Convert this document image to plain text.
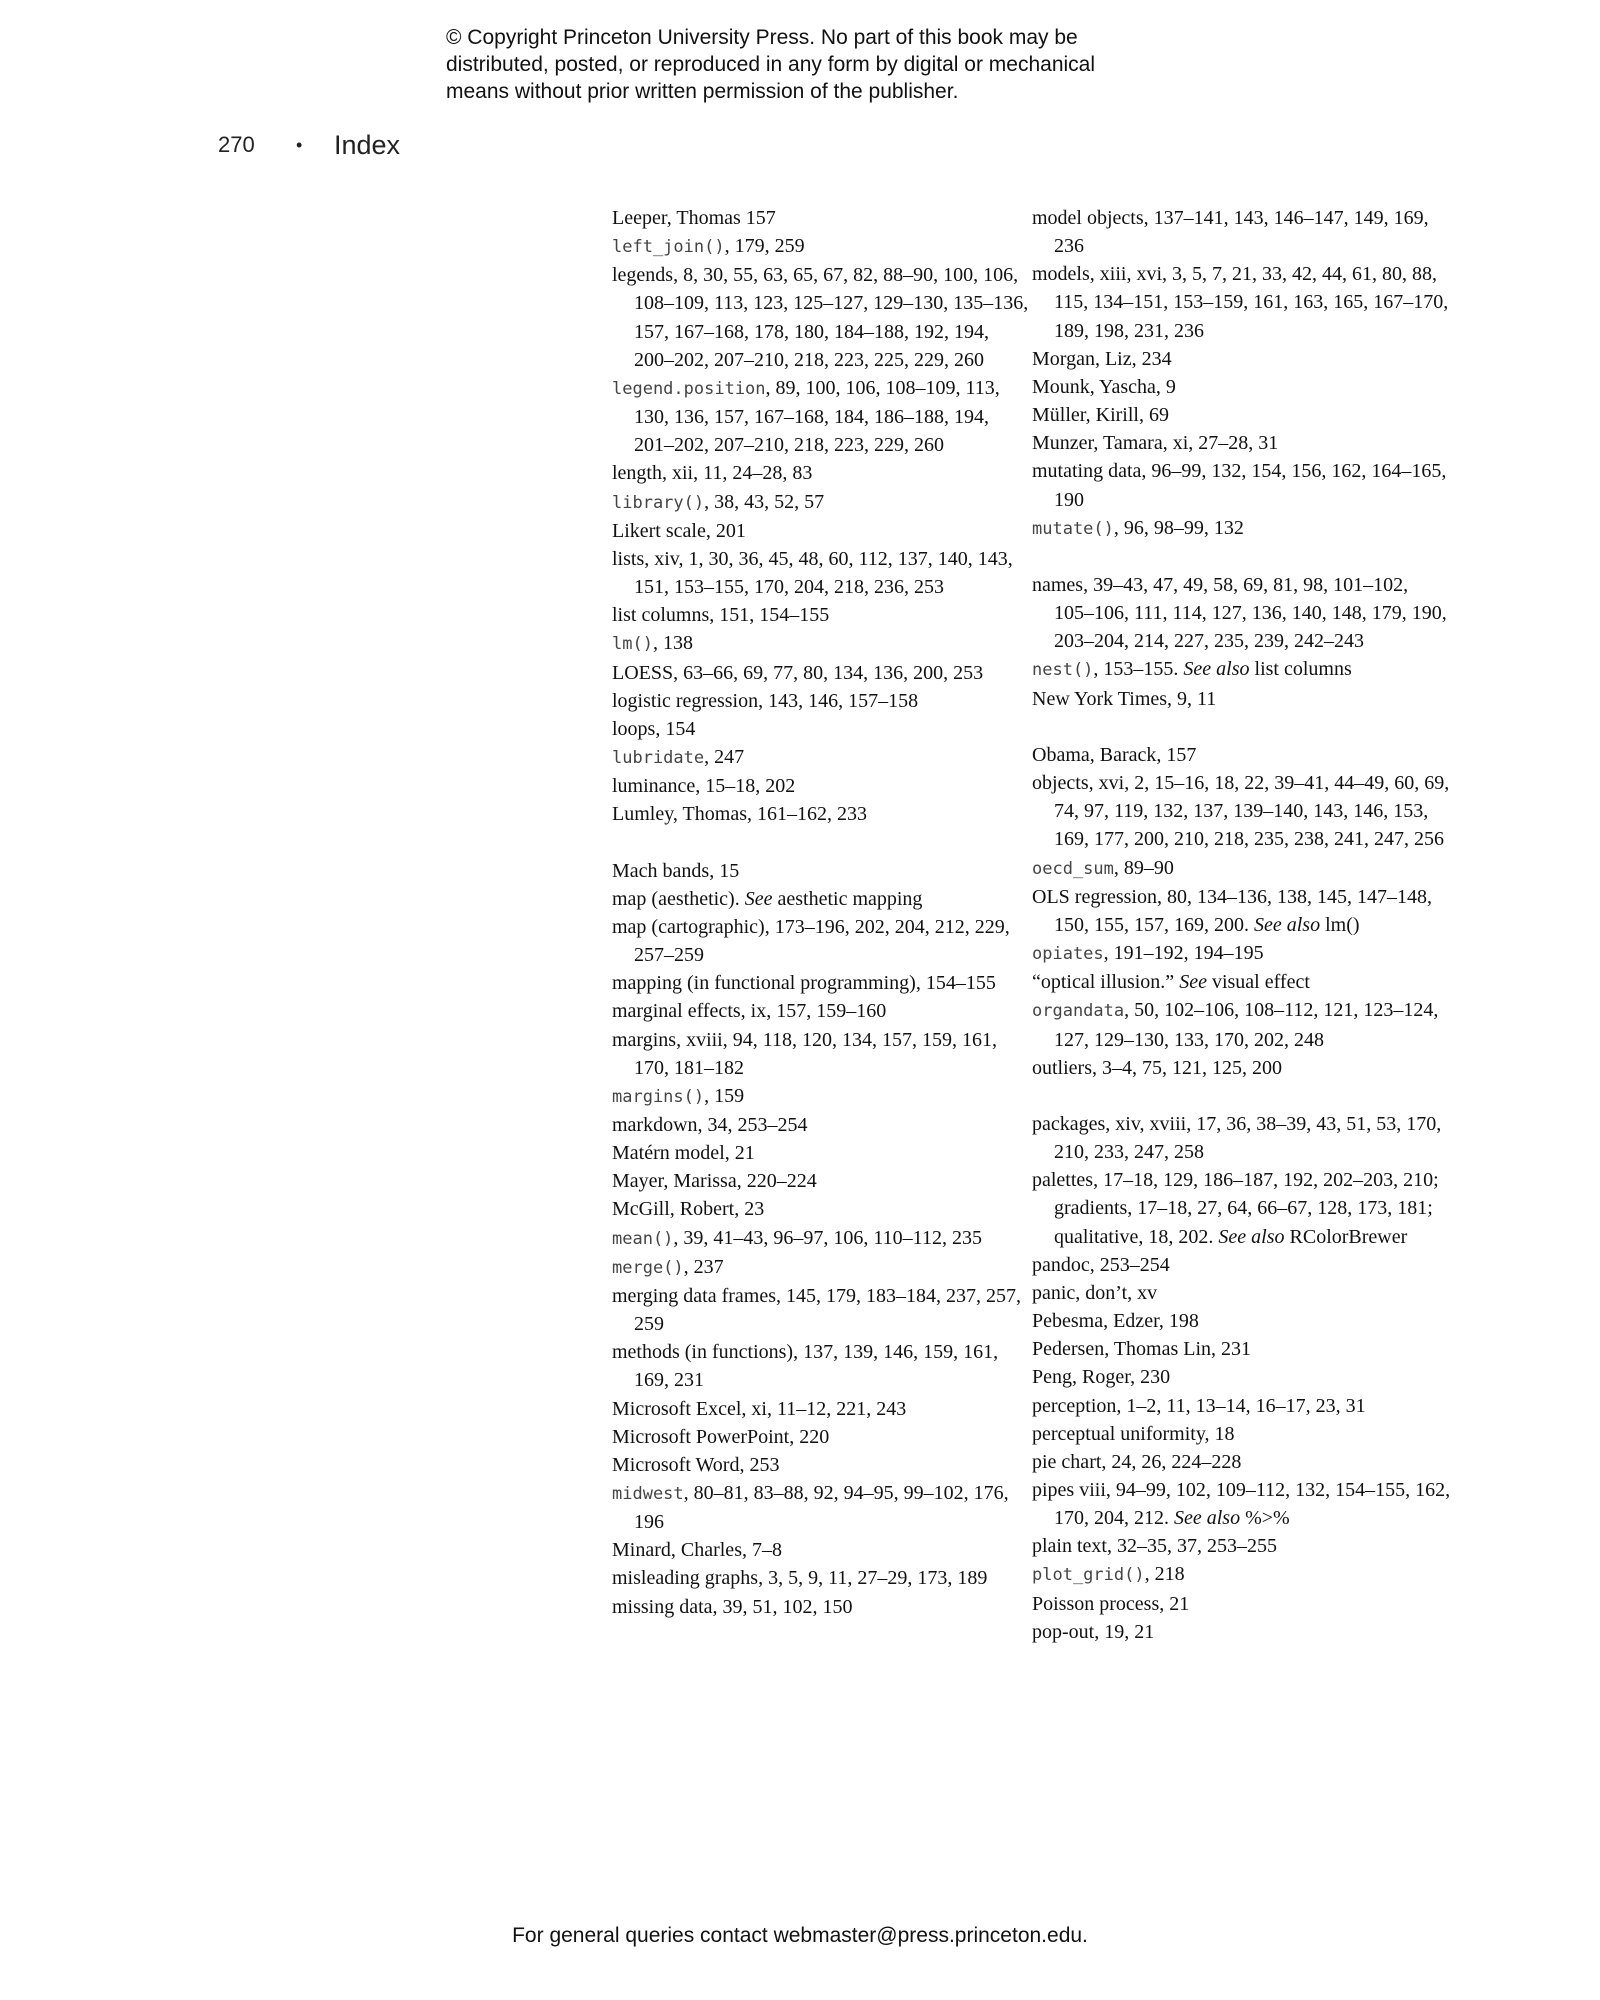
© Copyright Princeton University Press. No part of this book may be
distributed, posted, or reproduced in any form by digital or mechanical
means without prior written permission of the publisher.
270	•	Index
Leeper, Thomas 157
left_join(), 179, 259
legends, 8, 30, 55, 63, 65, 67, 82, 88–90, 100, 106, 108–109, 113, 123, 125–127, 129–130, 135–136, 157, 167–168, 178, 180, 184–188, 192, 194, 200–202, 207–210, 218, 223, 225, 229, 260
legend.position, 89, 100, 106, 108–109, 113, 130, 136, 157, 167–168, 184, 186–188, 194, 201–202, 207–210, 218, 223, 229, 260
length, xii, 11, 24–28, 83
library(), 38, 43, 52, 57
Likert scale, 201
lists, xiv, 1, 30, 36, 45, 48, 60, 112, 137, 140, 143, 151, 153–155, 170, 204, 218, 236, 253
list columns, 151, 154–155
lm(), 138
LOESS, 63–66, 69, 77, 80, 134, 136, 200, 253
logistic regression, 143, 146, 157–158
loops, 154
lubridate, 247
luminance, 15–18, 202
Lumley, Thomas, 161–162, 233
Mach bands, 15
map (aesthetic). See aesthetic mapping
map (cartographic), 173–196, 202, 204, 212, 229, 257–259
mapping (in functional programming), 154–155
marginal effects, ix, 157, 159–160
margins, xviii, 94, 118, 120, 134, 157, 159, 161, 170, 181–182
margins(), 159
markdown, 34, 253–254
Matérn model, 21
Mayer, Marissa, 220–224
McGill, Robert, 23
mean(), 39, 41–43, 96–97, 106, 110–112, 235
merge(), 237
merging data frames, 145, 179, 183–184, 237, 257, 259
methods (in functions), 137, 139, 146, 159, 161, 169, 231
Microsoft Excel, xi, 11–12, 221, 243
Microsoft PowerPoint, 220
Microsoft Word, 253
midwest, 80–81, 83–88, 92, 94–95, 99–102, 176, 196
Minard, Charles, 7–8
misleading graphs, 3, 5, 9, 11, 27–29, 173, 189
missing data, 39, 51, 102, 150
model objects, 137–141, 143, 146–147, 149, 169, 236
models, xiii, xvi, 3, 5, 7, 21, 33, 42, 44, 61, 80, 88, 115, 134–151, 153–159, 161, 163, 165, 167–170, 189, 198, 231, 236
Morgan, Liz, 234
Mounk, Yascha, 9
Müller, Kirill, 69
Munzer, Tamara, xi, 27–28, 31
mutating data, 96–99, 132, 154, 156, 162, 164–165, 190
mutate(), 96, 98–99, 132
names, 39–43, 47, 49, 58, 69, 81, 98, 101–102, 105–106, 111, 114, 127, 136, 140, 148, 179, 190, 203–204, 214, 227, 235, 239, 242–243
nest(), 153–155. See also list columns
New York Times, 9, 11
Obama, Barack, 157
objects, xvi, 2, 15–16, 18, 22, 39–41, 44–49, 60, 69, 74, 97, 119, 132, 137, 139–140, 143, 146, 153, 169, 177, 200, 210, 218, 235, 238, 241, 247, 256
oecd_sum, 89–90
OLS regression, 80, 134–136, 138, 145, 147–148, 150, 155, 157, 169, 200. See also lm()
opiates, 191–192, 194–195
“optical illusion.” See visual effect
organdata, 50, 102–106, 108–112, 121, 123–124, 127, 129–130, 133, 170, 202, 248
outliers, 3–4, 75, 121, 125, 200
packages, xiv, xviii, 17, 36, 38–39, 43, 51, 53, 170, 210, 233, 247, 258
palettes, 17–18, 129, 186–187, 192, 202–203, 210; gradients, 17–18, 27, 64, 66–67, 128, 173, 181; qualitative, 18, 202. See also RColorBrewer
pandoc, 253–254
panic, don’t, xv
Pebesma, Edzer, 198
Pedersen, Thomas Lin, 231
Peng, Roger, 230
perception, 1–2, 11, 13–14, 16–17, 23, 31
perceptual uniformity, 18
pie chart, 24, 26, 224–228
pipes viii, 94–99, 102, 109–112, 132, 154–155, 162, 170, 204, 212. See also %>%
plain text, 32–35, 37, 253–255
plot_grid(), 218
Poisson process, 21
pop-out, 19, 21
For general queries contact webmaster@press.princeton.edu.
